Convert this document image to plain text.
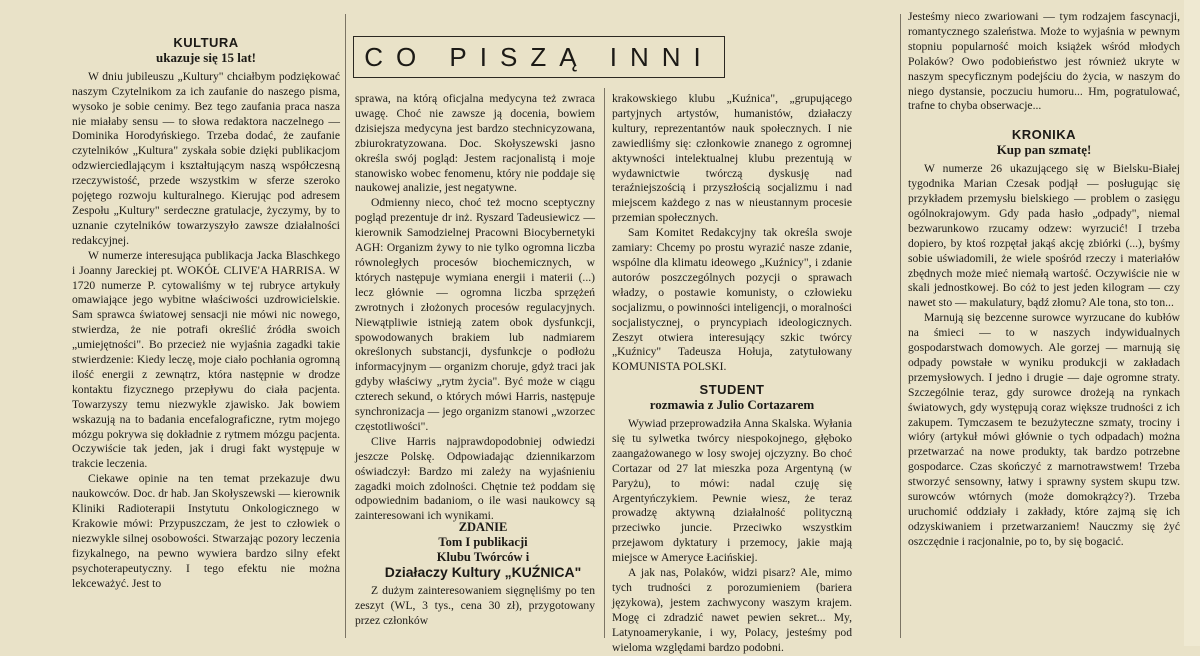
KULTURA
ukazuje się 15 lat!

W dniu jubileuszu „Kultury" chciałbym podziękować naszym Czytelnikom za ich zaufanie do naszego pisma, wysoko je sobie cenimy. Bez tego zaufania praca nasza nie miałaby sensu — to słowa redaktora naczelnego — Dominika Horodyńskiego. Trzeba dodać, że zaufanie czytelników „Kultura" zyskała sobie dzięki publikacjom odzwierciedlającym i kształtującym naszą współczesną rzeczywistość, przede wszystkim w sferze szeroko pojętego rozwoju kulturalnego. Kierując pod adresem Zespołu „Kultury" serdeczne gratulacje, życzymy, by to uznanie czytelników towarzyszyło zawsze działalności redakcyjnej.

W numerze interesująca publikacja Jacka Blaschkego i Joanny Jareckiej pt. WOKÓŁ CLIVE'A HARRISA. W 1720 numerze P. cytowaliśmy w tej rubryce artykuły omawiające jego wybitne właściwości uzdrowicielskie. Sam sprawca światowej sensacji nie mówi nic nowego, stwierdza, że nie potrafi określić źródła swoich „umiejętności". Bo przecież nie wyjaśnia zagadki takie stwierdzenie: Kiedy leczę, moje ciało pochłania ogromną ilość energii z zewnątrz, która następnie w drodze kontaktu fizycznego przepływu do ciała pacjenta. Towarzyszy temu niezwykle zjawisko. Jak bowiem wskazują na to badania encefalograficzne, rytm mojego mózgu pokrywa się dokładnie z rytmem mózgu pacjenta. Oczywiście tak jeden, jak i drugi fakt występuje w trakcie leczenia.

Ciekawe opinie na ten temat przekazuje dwu naukowców. Doc. dr hab. Jan Skołyszewski — kierownik Kliniki Radioterapii Instytutu Onkologicznego w Krakowie mówi: Przypuszczam, że jest to człowiek o niezwykle silnej osobowości. Stwarzając pozory leczenia fizykalnego, na pewno wywiera bardzo silny efekt psychoterapeutyczny. I tego efektu nie można lekceważyć. Jest to

CO PISZĄ INNI

sprawa, na którą oficjalna medycyna też zwraca uwagę. Choć nie zawsze ją docenia, bowiem dzisiejsza medycyna jest bardzo stechnicyzowana, zbiurokratyzowana. Doc. Skołyszewski jasno określa swój pogląd: Jestem racjonalistą i moje stanowisko wobec fenomenu, który nie poddaje się naukowej analizie, jest negatywne.

Odmienny nieco, choć też mocno sceptyczny pogląd prezentuje dr inż. Ryszard Tadeusiewicz — kierownik Samodzielnej Pracowni Biocybernetyki AGH: Organizm żywy to nie tylko ogromna liczba równoległych procesów biochemicznych, w których następuje wymiana energii i materii (...) lecz głównie — ogromna liczba sprzężeń zwrotnych i złożonych procesów regulacyjnych. Niewątpliwie istnieją zatem obok dysfunkcji, spowodowanych brakiem lub nadmiarem określonych substancji, dysfunkcje o podłożu informacyjnym — organizm choruje, gdyż traci jak gdyby właściwy „rytm życia". Być może w ciągu czterech sekund, o których mówi Harris, następuje synchronizacja — jego organizm stanowi „wzorzec częstotliwości".

Clive Harris najprawdopodobniej odwiedzi jeszcze Polskę. Odpowiadając dziennikarzom oświadczył: Bardzo mi zależy na wyjaśnieniu zagadki moich zdolności. Chętnie też poddam się odpowiednim badaniom, o ile wasi naukowcy są zainteresowani ich wynikami.

ZDANIE

Tom I publikacji

Klubu Twórców i

Działaczy Kultury „KUŹNICA"

Z dużym zainteresowaniem sięgnęliśmy po ten zeszyt (WL, 3 tys., cena 30 zł), przygotowany przez członków

krakowskiego klubu „Kuźnica", „grupującego partyjnych artystów, humanistów, działaczy kultury, reprezentantów nauk społecznych. I nie zawiedliśmy się: członkowie znanego z ogromnej aktywności intelektualnej klubu prezentują w wydawnictwie twórczą dyskusję nad teraźniejszością i przyszłością socjalizmu i nad miejscem każdego z nas w nieustannym procesie przemian społecznych.

Sam Komitet Redakcyjny tak określa swoje zamiary: Chcemy po prostu wyrazić nasze zdanie, wspólne dla klimatu ideowego „Kuźnicy", i zdanie autorów poszczególnych pozycji o sprawach władzy, o postawie komunisty, o człowieku socjalizmu, o powinności inteligencji, o moralności socjalistycznej, o pryncypiach ideologicznych. Zeszyt otwiera interesujący szkic twórcy „Kuźnicy" Tadeusza Hołuja, zatytułowany KOMUNISTA POLSKI.

STUDENT
rozmawia z Julio Cortazarem

Wywiad przeprowadziła Anna Skalska. Wyłania się tu sylwetka twórcy niespokojnego, głęboko zaangażowanego w losy swojej ojczyzny. Bo choć Cortazar od 27 lat mieszka poza Argentyną (w Paryżu), to mówi: nadal czuję się Argentyńczykiem. Pewnie wiesz, że teraz prowadzę aktywną działalność polityczną przeciwko juncie. Przeciwko wszystkim przejawom dyktatury i przemocy, jakie mają miejsce w Ameryce Łacińskiej.

A jak nas, Polaków, widzi pisarz? Ale, mimo tych trudności z porozumieniem (bariera językowa), jestem zachwycony waszym krajem. Mogę ci zdradzić nawet pewien sekret... My, Latynoamerykanie, i wy, Polacy, jesteśmy pod wieloma względami bardzo podobni.

Jesteśmy nieco zwariowani — tym rodzajem fascynacji, romantycznego szaleństwa. Może to wyjaśnia w pewnym stopniu popularność moich książek wśród młodych Polaków? Owo podobieństwo jest również ukryte w naszym specyficznym podejściu do życia, w naszym do niego dystansie, poczuciu humoru... Hm, pogratulować, trafne to chyba obserwacje...

KRONIKA
Kup pan szmatę!

W numerze 26 ukazującego się w Bielsku-Białej tygodnika Marian Czesak podjął — posługując się przykładem przemysłu bielskiego — problem o zasięgu ogólnokrajowym. Gdy pada hasło „odpady", niemal bezwarunkowo rzucamy odzew: wyrzucić! I trzeba dopiero, by ktoś rozpętał jakąś akcję zbiórki (...), byśmy sobie uświadomili, że wiele spośród rzeczy i materiałów zbędnych może mieć niemałą wartość. Oczywiście nie w skali jednostkowej. Bo cóż to jest jeden kilogram — czy nawet sto — makulatury, bądź złomu? Ale tona, sto ton...

Marnują się bezcenne surowce wyrzucane do kubłów na śmieci — to w naszych indywidualnych gospodarstwach domowych. Ale gorzej — marnują się odpady powstałe w wyniku produkcji w zakładach przemysłowych. I jedno i drugie — daje ogromne straty. Szczególnie teraz, gdy surowce drożeją na rynkach światowych, gdy występują coraz większe trudności z ich zakupem. Tymczasem te bezużyteczne szmaty, trociny i wióry (artykuł mówi głównie o tych odpadach) można przetwarzać na nowe produkty, tak bardzo potrzebne gospodarce. Czas skończyć z marnotrawstwem! Trzeba stworzyć sensowny, łatwy i sprawny system skupu tzw. surowców wtórnych (może domokrążcy?). Trzeba uruchomić oddziały i zakłady, które zajmą się ich odzyskiwaniem i przetwarzaniem! Nauczmy się żyć oszczędnie i racjonalnie, po to, by się bogacić.
